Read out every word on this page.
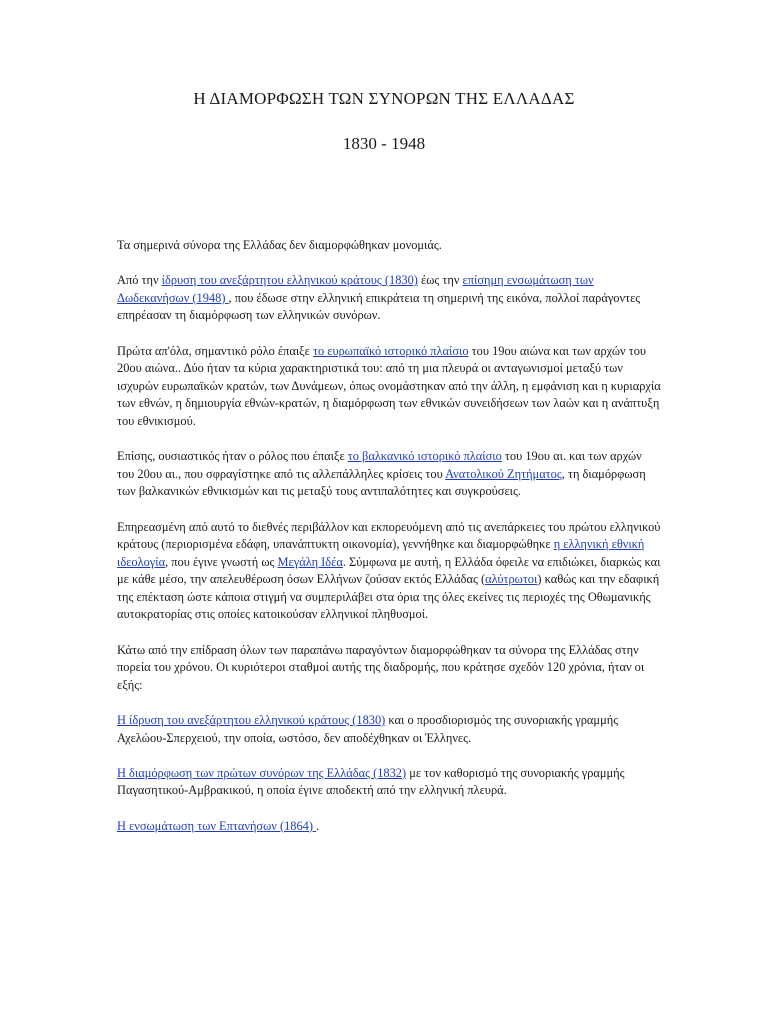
Η ΔΙΑΜΟΡΦΩΣΗ ΤΩΝ ΣΥΝΟΡΩΝ ΤΗΣ ΕΛΛΑΔΑΣ
1830 - 1948

Τα σημερινά σύνορα της Ελλάδας δεν διαμορφώθηκαν μονομιάς.

Από την ίδρυση του ανεξάρτητου ελληνικού κράτους (1830) έως την επίσημη ενσωμάτωση των Δωδεκανήσων (1948) , που έδωσε στην ελληνική επικράτεια τη σημερινή της εικόνα, πολλοί παράγοντες επηρέασαν τη διαμόρφωση των ελληνικών συνόρων.

Πρώτα απ'όλα, σημαντικό ρόλο έπαιξε το ευρωπαϊκό ιστορικό πλαίσιο του 19ου αιώνα και των αρχών του 20ου αιώνα.. Δύο ήταν τα κύρια χαρακτηριστικά του: από τη μια πλευρά οι ανταγωνισμοί μεταξύ των ισχυρών ευρωπαϊκών κρατών, των Δυνάμεων, όπως ονομάστηκαν από την άλλη, η εμφάνιση και η κυριαρχία των εθνών, η δημιουργία εθνών-κρατών, η διαμόρφωση των εθνικών συνειδήσεων των λαών και η ανάπτυξη του εθνικισμού.

Επίσης, ουσιαστικός ήταν ο ρόλος που έπαιξε το βαλκανικό ιστορικό πλαίσιο του 19ου αι. και των αρχών του 20ου αι., που σφραγίστηκε από τις αλλεπάλληλες κρίσεις του Ανατολικού Ζητήματος, τη διαμόρφωση των βαλκανικών εθνικισμών και τις μεταξύ τους αντιπαλότητες και συγκρούσεις.

Επηρεασμένη από αυτό το διεθνές περιβάλλον και εκπορευόμενη από τις ανεπάρκειες του πρώτου ελληνικού κράτους (περιορισμένα εδάφη, υπανάπτυκτη οικονομία), γεννήθηκε και διαμορφώθηκε η ελληνική εθνική ιδεολογία, που έγινε γνωστή ως Μεγάλη Ιδέα. Σύμφωνα με αυτή, η Ελλάδα όφειλε να επιδιώκει, διαρκώς και με κάθε μέσο, την απελευθέρωση όσων Ελλήνων ζούσαν εκτός Ελλάδας (αλύτρωτοι) καθώς και την εδαφική της επέκταση ώστε κάποια στιγμή να συμπεριλάβει στα όρια της όλες εκείνες τις περιοχές της Οθωμανικής αυτοκρατορίας στις οποίες κατοικούσαν ελληνικοί πληθυσμοί.

Κάτω από την επίδραση όλων των παραπάνω παραγόντων διαμορφώθηκαν τα σύνορα της Ελλάδας στην πορεία του χρόνου. Οι κυριότεροι σταθμοί αυτής της διαδρομής, που κράτησε σχεδόν 120 χρόνια, ήταν οι εξής:

Η ίδρυση του ανεξάρτητου ελληνικού κράτους (1830) και ο προσδιορισμός της συνοριακής γραμμής Αχελώου-Σπερχειού, την οποία, ωστόσο, δεν αποδέχθηκαν οι Έλληνες.

Η διαμόρφωση των πρώτων συνόρων της Ελλάδας (1832) με τον καθορισμό της συνοριακής γραμμής Παγασητικού-Αμβρακικού, η οποία έγινε αποδεκτή από την ελληνική πλευρά.

Η ενσωμάτωση των Επτανήσων (1864) .
